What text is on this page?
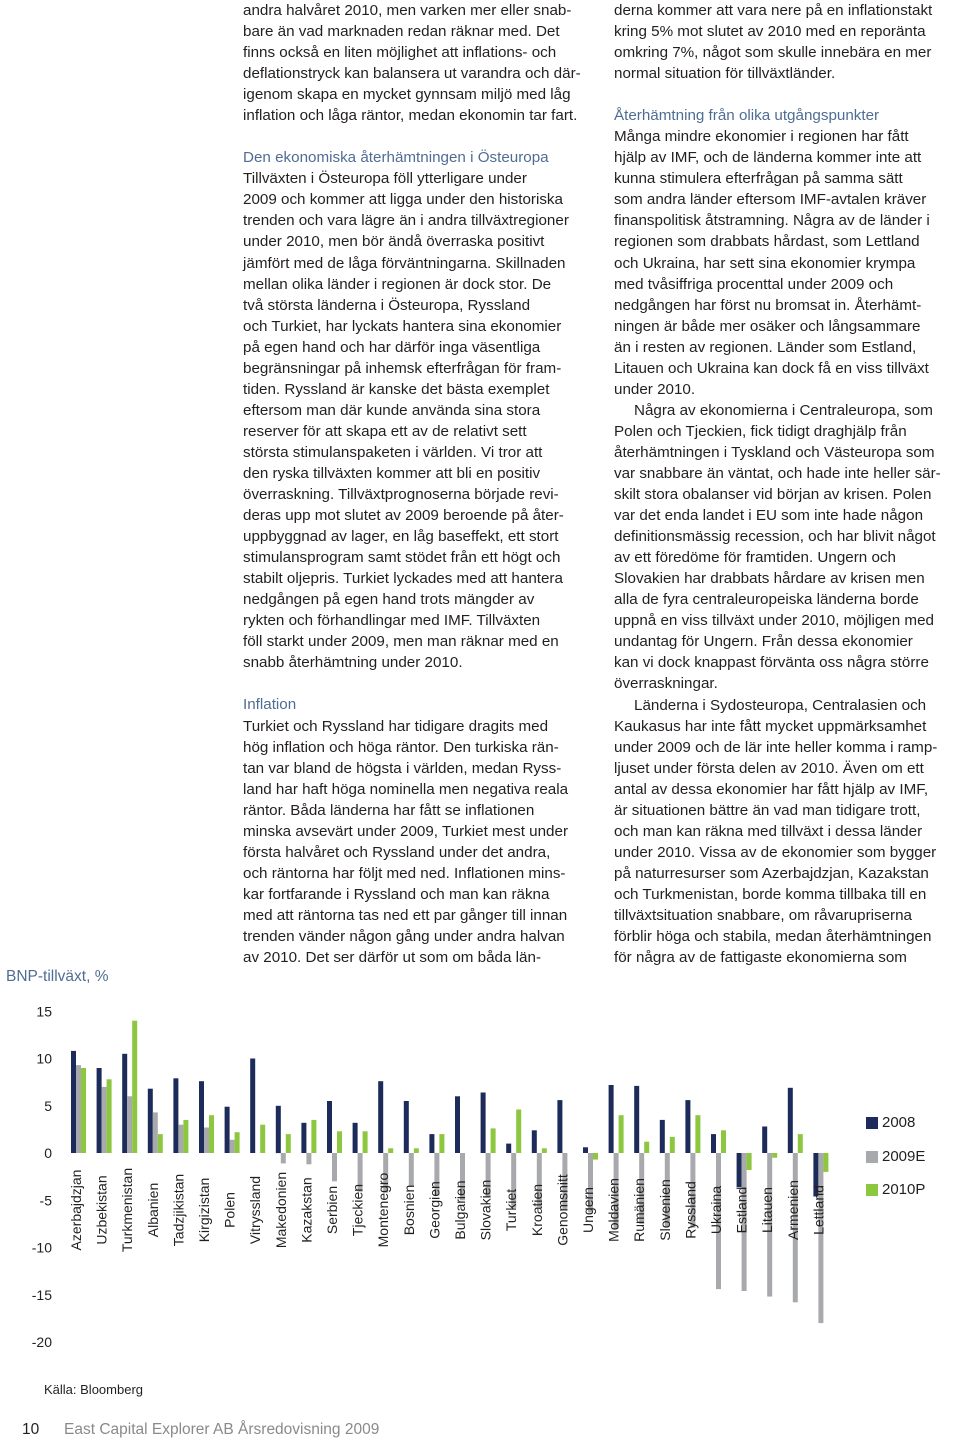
andra halvåret 2010, men varken mer eller snab-
bare än vad marknaden redan räknar med. Det
finns också en liten möjlighet att inflations- och
deflationstryck kan balansera ut varandra och där-
igenom skapa en mycket gynnsam miljö med låg
inflation och låga räntor, medan ekonomin tar fart.

Den ekonomiska återhämtningen i Östeuropa

Tillväxten i Östeuropa föll ytterligare under
2009 och kommer att ligga under den historiska
trenden och vara lägre än i andra tillväxtregioner
under 2010, men bör ändå överraska positivt
jämfört med de låga förväntningarna. Skillnaden
mellan olika länder i regionen är dock stor. De
två största länderna i Östeuropa, Ryssland
och Turkiet, har lyckats hantera sina ekonomier
på egen hand och har därför inga väsentliga
begränsningar på inhemsk efterfrågan för fram-
tiden. Ryssland är kanske det bästa exemplet
eftersom man där kunde använda sina stora
reserver för att skapa ett av de relativt sett
största stimulanspaketen i världen. Vi tror att
den ryska tillväxten kommer att bli en positiv
överraskning. Tillväxtprognoserna började revi-
deras upp mot slutet av 2009 beroende på åter-
uppbyggnad av lager, en låg baseffekt, ett stort
stimulansprogram samt stödet från ett högt och
stabilt oljepris. Turkiet lyckades med att hantera
nedgången på egen hand trots mängder av
rykten och förhandlingar med IMF. Tillväxten
föll starkt under 2009, men man räknar med en
snabb återhämtning under 2010.

Inflation

Turkiet och Ryssland har tidigare dragits med
hög inflation och höga räntor. Den turkiska rän-
tan var bland de högsta i världen, medan Ryss-
land har haft höga nominella men negativa reala
räntor. Båda länderna har fått se inflationen
minska avsevärt under 2009, Turkiet mest under
första halvåret och Ryssland under det andra,
och räntorna har följt med ned. Inflationen mins-
kar fortfarande i Ryssland och man kan räkna
med att räntorna tas ned ett par gånger till innan
trenden vänder någon gång under andra halvan
av 2010. Det ser därför ut som om båda län-

derna kommer att vara nere på en inflationstakt
kring 5% mot slutet av 2010 med en reporänta
omkring 7%, något som skulle innebära en mer
normal situation för tillväxtländer.

Återhämtning från olika utgångspunkter

Många mindre ekonomier i regionen har fått
hjälp av IMF, och de länderna kommer inte att
kunna stimulera efterfrågan på samma sätt
som andra länder eftersom IMF-avtalen kräver
finanspolitisk åtstramning. Några av de länder i
regionen som drabbats hårdast, som Lettland
och Ukraina, har sett sina ekonomier krympa
med tvåsiffriga procenttal under 2009 och
nedgången har först nu bromsat in. Återhämt-
ningen är både mer osäker och långsammare
än i resten av regionen. Länder som Estland,
Litauen och Ukraina kan dock få en viss tillväxt
under 2010.

Några av ekonomierna i Centraleuropa, som
Polen och Tjeckien, fick tidigt draghjälp från
återhämtningen i Tyskland och Västeuropa som
var snabbare än väntat, och hade inte heller sär-
skilt stora obalanser vid början av krisen. Polen
var det enda landet i EU som inte hade någon
definitionsmässig recession, och har blivit något
av ett föredöme för framtiden. Ungern och
Slovakien har drabbats hårdare av krisen men
alla de fyra centraleuropeiska länderna borde
uppnå en viss tillväxt under 2010, möjligen med
undantag för Ungern. Från dessa ekonomier
kan vi dock knappast förvänta oss några större
överraskningar.

Länderna i Sydosteuropa, Centralasien och
Kaukasus har inte fått mycket uppmärksamhet
under 2009 och de lär inte heller komma i ramp-
ljuset under första delen av 2010. Även om ett
antal av dessa ekonomier har fått hjälp av IMF,
är situationen bättre än vad man tidigare trott,
och man kan räkna med tillväxt i dessa länder
under 2010. Vissa av de ekonomier som bygger
på naturresurser som Azerbajdzjan, Kazakstan
och Turkmenistan, borde komma tillbaka till en
tillväxtsituation snabbare, om råvarupriserna
förblir höga och stabila, medan återhämtningen
för några av de fattigaste ekonomierna som

BNP-tillväxt, %
15
10
5
0
-5
-10
-15
-20
Azerbajdzjan Uzbekistan Turkmenistan Albanien Tadzjikistan Kirgizistan Polen Vitryssland Makedonien Kazakstan Serbien Tjeckien Montenegro Bosnien Georgien Bulgarien Slovakien Turkiet Kroatien Genomsnitt Ungern Moldavien Rumänien Slovenien Ryssland Ukraina Estland Litauen Armenien Lettland
2008
2009E
2010P
Källa: Bloomberg
10 East Capital Explorer AB Årsredovisning 2009
